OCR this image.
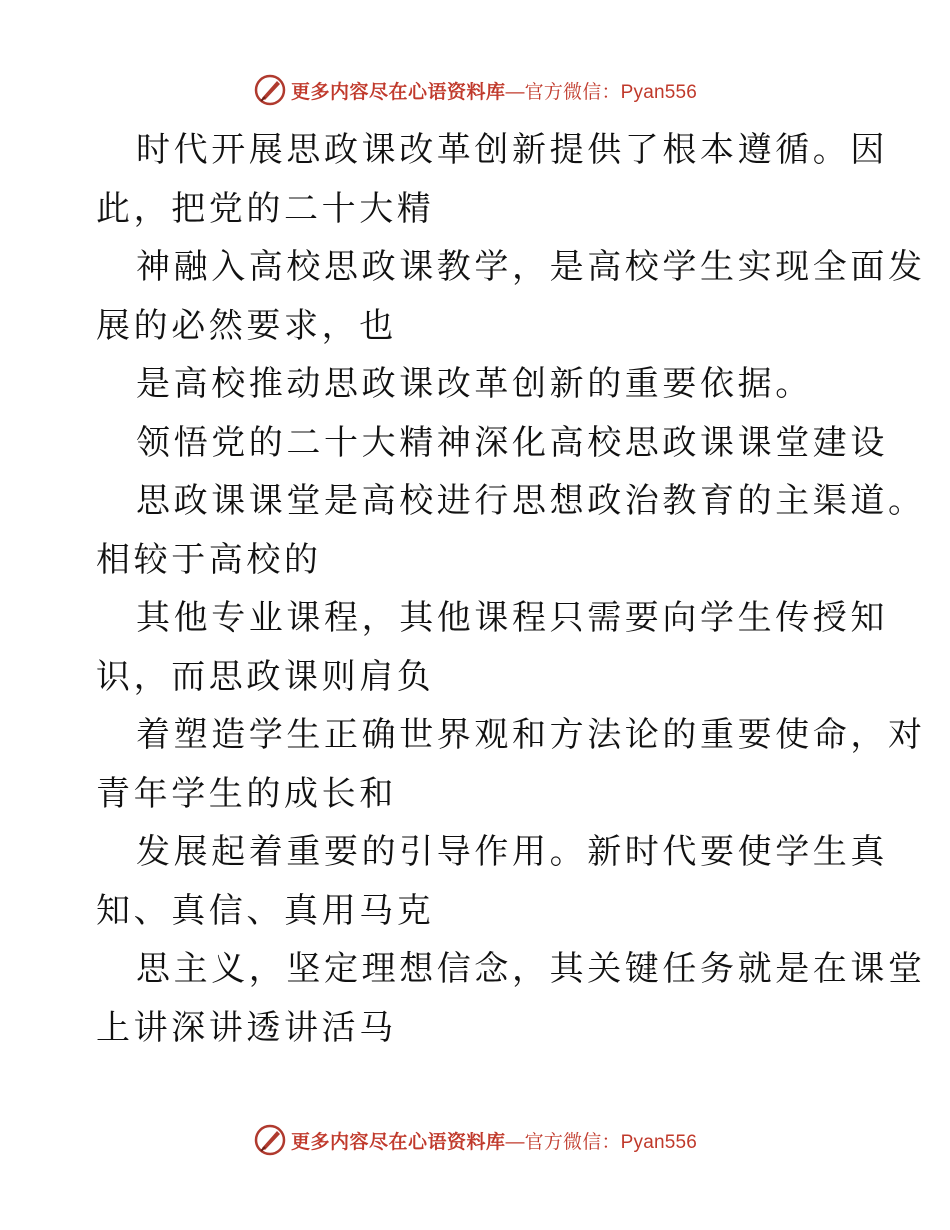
更多内容尽在心语资料库 —官方微信：Pyan556
时代开展思政课改革创新提供了根本遵循。因
此，把党的二十大精
神融入高校思政课教学，是高校学生实现全面发
展的必然要求，也
是高校推动思政课改革创新的重要依据。
领悟党的二十大精神深化高校思政课课堂建设
思政课课堂是高校进行思想政治教育的主渠道。
相较于高校的
其他专业课程，其他课程只需要向学生传授知
识，而思政课则肩负
着塑造学生正确世界观和方法论的重要使命，对
青年学生的成长和
发展起着重要的引导作用。新时代要使学生真
知、真信、真用马克
思主义，坚定理想信念，其关键任务就是在课堂
上讲深讲透讲活马
更多内容尽在心语资料库 —官方微信：Pyan556
